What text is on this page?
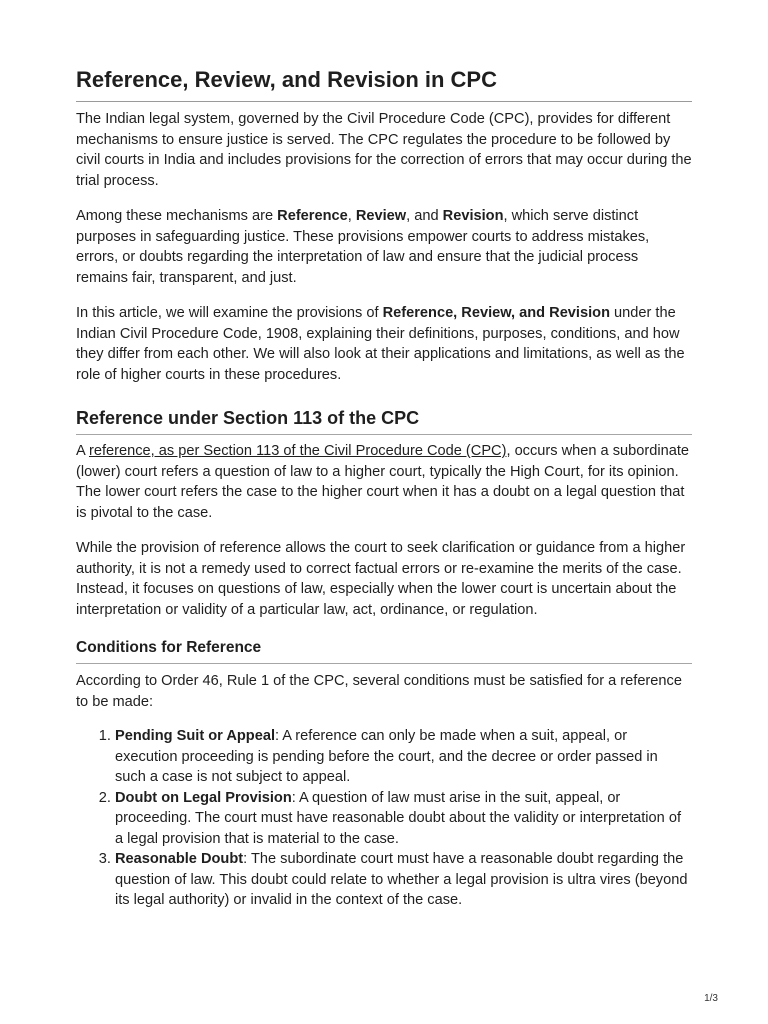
Reference, Review, and Revision in CPC

The Indian legal system, governed by the Civil Procedure Code (CPC), provides for different mechanisms to ensure justice is served. The CPC regulates the procedure to be followed by civil courts in India and includes provisions for the correction of errors that may occur during the trial process.

Among these mechanisms are Reference, Review, and Revision, which serve distinct purposes in safeguarding justice. These provisions empower courts to address mistakes, errors, or doubts regarding the interpretation of law and ensure that the judicial process remains fair, transparent, and just.

In this article, we will examine the provisions of Reference, Review, and Revision under the Indian Civil Procedure Code, 1908, explaining their definitions, purposes, conditions, and how they differ from each other. We will also look at their applications and limitations, as well as the role of higher courts in these procedures.

Reference under Section 113 of the CPC

A reference, as per Section 113 of the Civil Procedure Code (CPC), occurs when a subordinate (lower) court refers a question of law to a higher court, typically the High Court, for its opinion. The lower court refers the case to the higher court when it has a doubt on a legal question that is pivotal to the case.

While the provision of reference allows the court to seek clarification or guidance from a higher authority, it is not a remedy used to correct factual errors or re-examine the merits of the case. Instead, it focuses on questions of law, especially when the lower court is uncertain about the interpretation or validity of a particular law, act, ordinance, or regulation.

Conditions for Reference

According to Order 46, Rule 1 of the CPC, several conditions must be satisfied for a reference to be made:

1. Pending Suit or Appeal: A reference can only be made when a suit, appeal, or execution proceeding is pending before the court, and the decree or order passed in such a case is not subject to appeal.
2. Doubt on Legal Provision: A question of law must arise in the suit, appeal, or proceeding. The court must have reasonable doubt about the validity or interpretation of a legal provision that is material to the case.
3. Reasonable Doubt: The subordinate court must have a reasonable doubt regarding the question of law. This doubt could relate to whether a legal provision is ultra vires (beyond its legal authority) or invalid in the context of the case.
1/3
